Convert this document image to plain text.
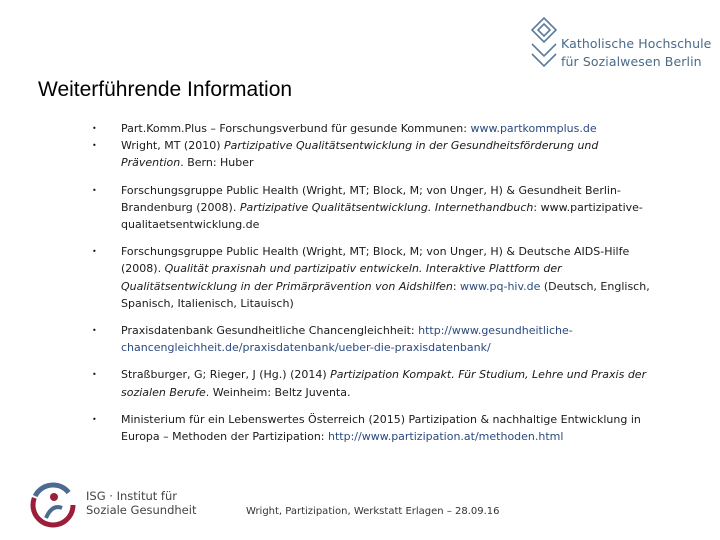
Katholische Hochschule
für Sozialwesen Berlin
Weiterführende Information
• Part.Komm.Plus – Forschungsverbund für gesunde Kommunen: www.partkommplus.de
• Wright, MT (2010) Partizipative Qualitätsentwicklung in der Gesundheitsförderung und Prävention. Bern: Huber
• Forschungsgruppe Public Health (Wright, MT; Block, M; von Unger, H) & Gesundheit Berlin-Brandenburg (2008). Partizipative Qualitätsentwicklung. Internethandbuch: www.partizipative-qualitaetsentwicklung.de
• Forschungsgruppe Public Health (Wright, MT; Block, M; von Unger, H) & Deutsche AIDS-Hilfe (2008). Qualität praxisnah und partizipativ entwickeln. Interaktive Plattform der Qualitätsentwicklung in der Primärprävention von Aidshilfen: www.pq-hiv.de (Deutsch, Englisch, Spanisch, Italienisch, Litauisch)
• Praxisdatenbank Gesundheitliche Chancengleichheit: http://www.gesundheitliche-chancengleichheit.de/praxisdatenbank/ueber-die-praxisdatenbank/
• Straßburger, G; Rieger, J (Hg.) (2014) Partizipation Kompakt. Für Studium, Lehre und Praxis der sozialen Berufe. Weinheim: Beltz Juventa.
• Ministerium für ein Lebenswertes Österreich (2015) Partizipation & nachhaltige Entwicklung in Europa – Methoden der Partizipation: http://www.partizipation.at/methoden.html
ISG · Institut für
Soziale Gesundheit	Wright, Partizipation, Werkstatt Erlagen – 28.09.16
